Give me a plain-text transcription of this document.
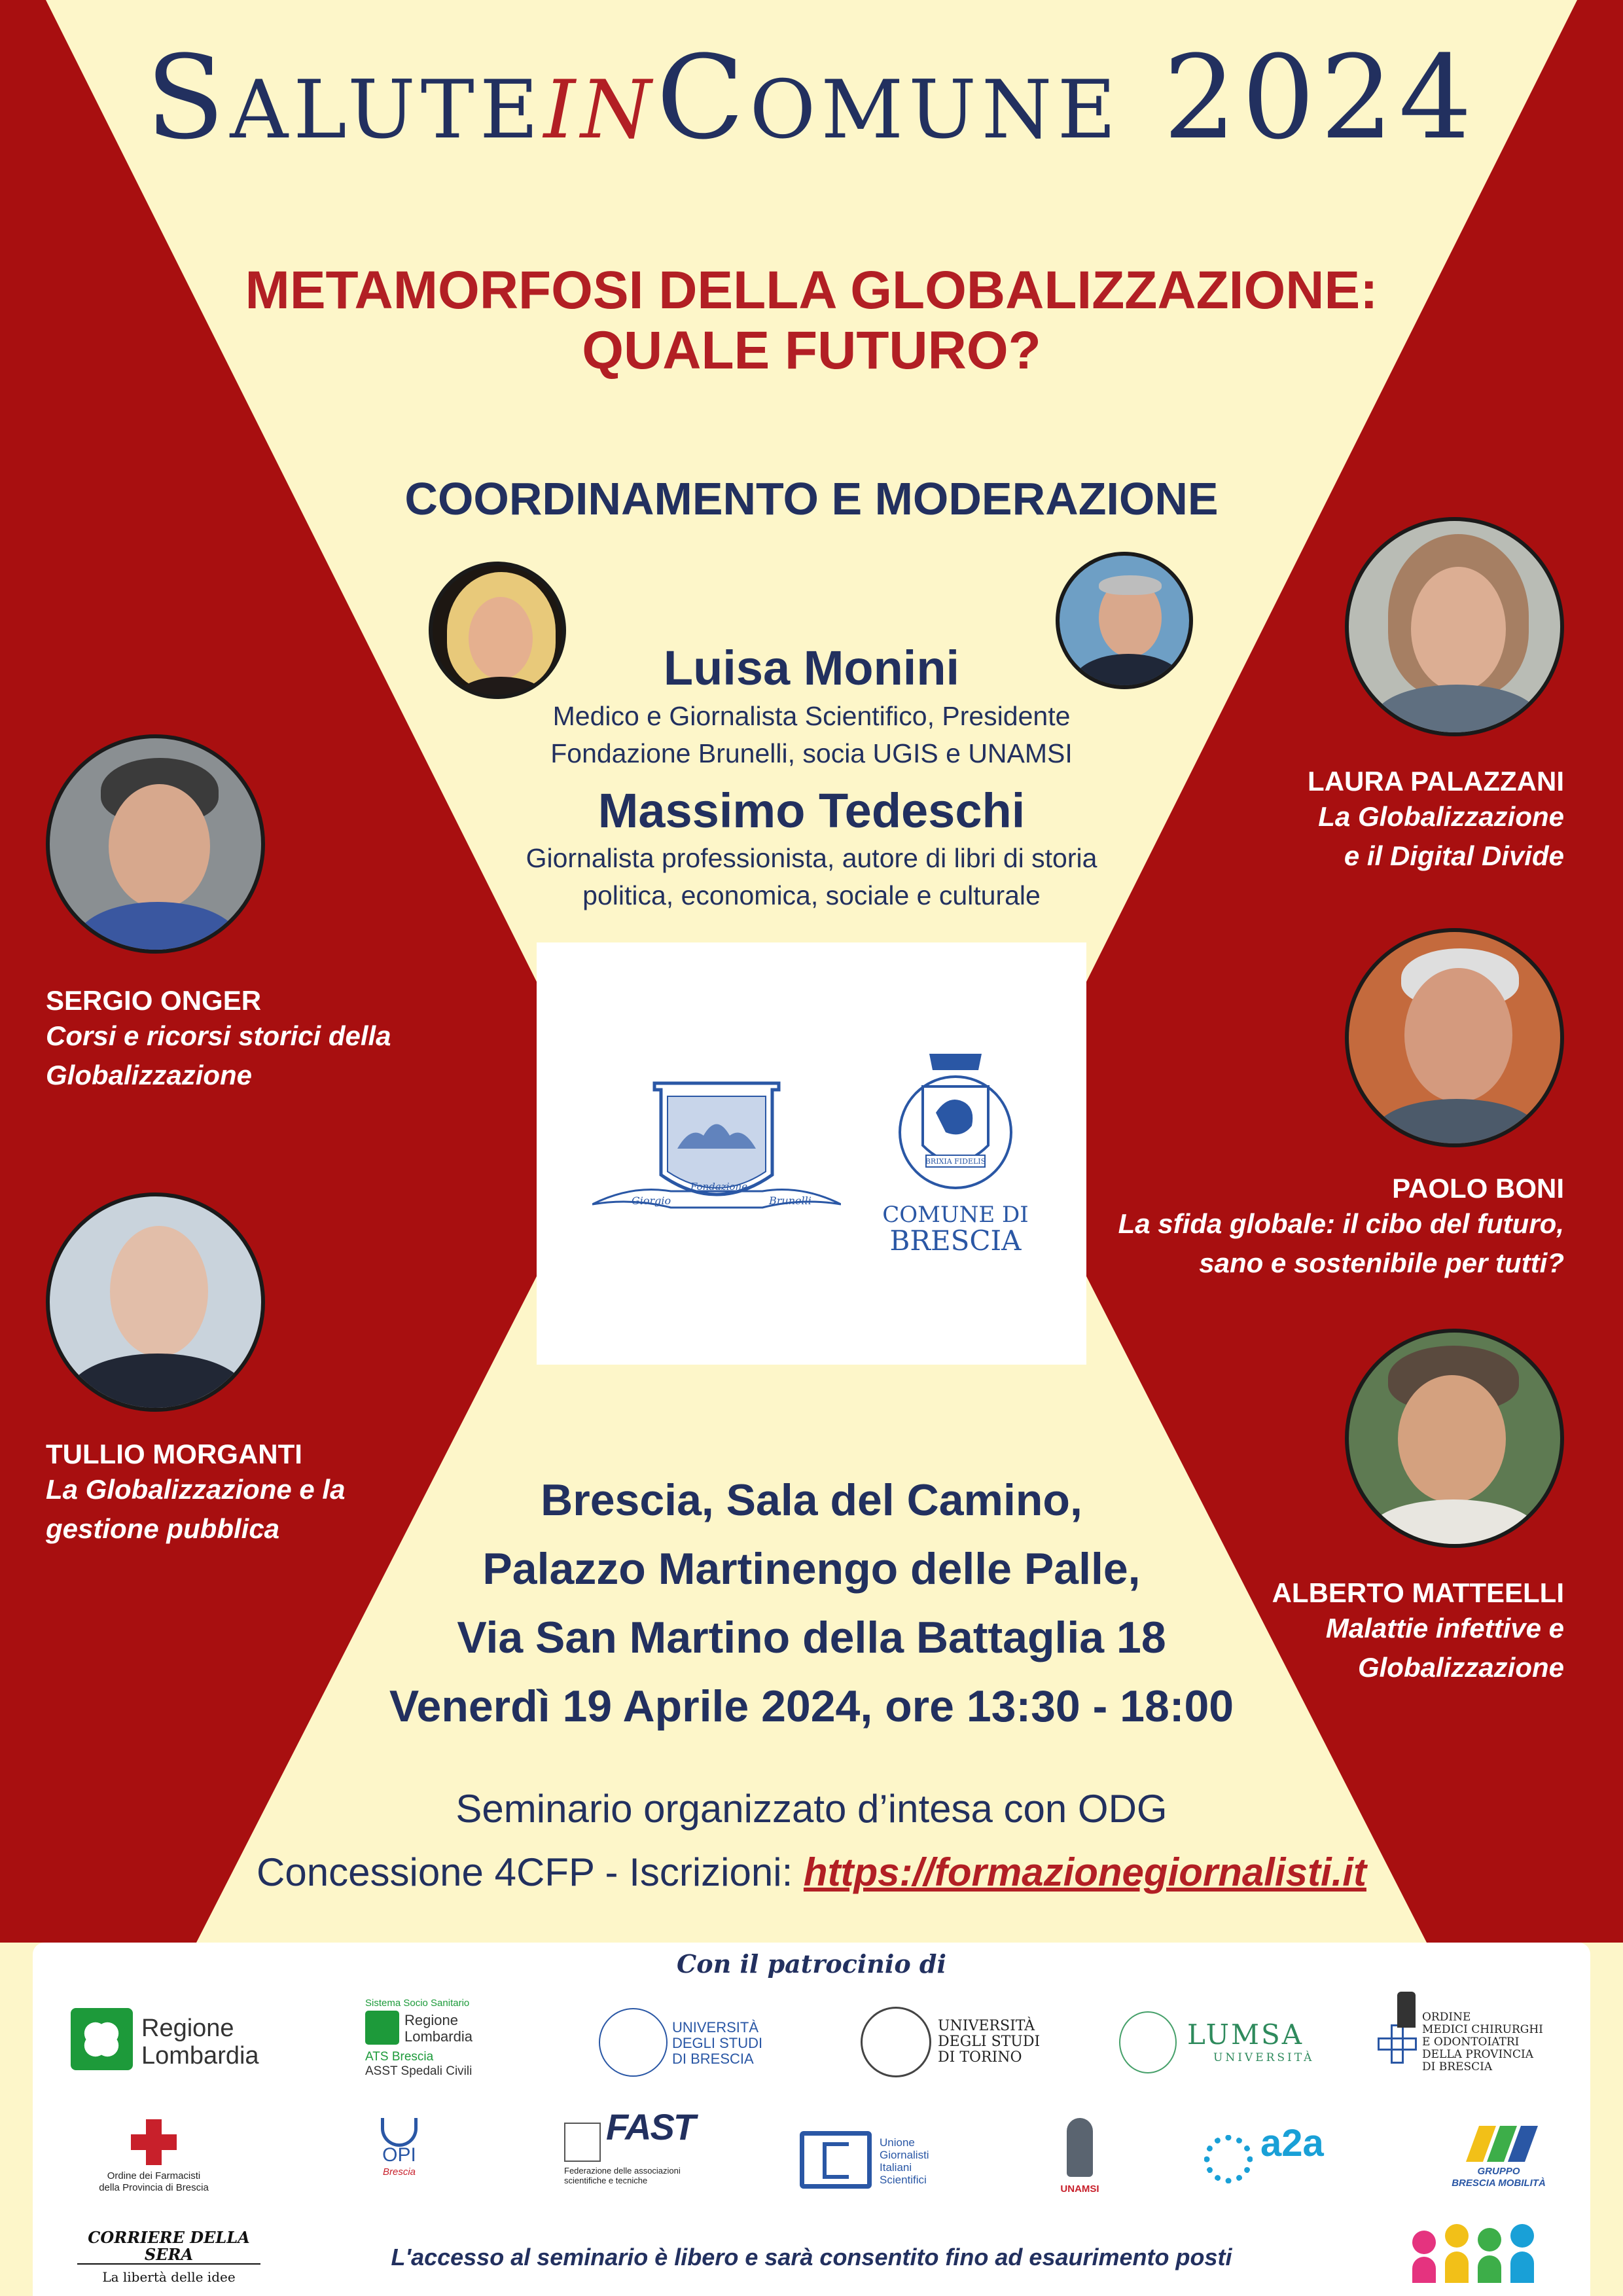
SaluteinComune 2024
METAMORFOSI DELLA GLOBALIZZAZIONE:
QUALE FUTURO?
COORDINAMENTO E MODERAZIONE
Luisa Monini
Medico e Giornalista Scientifico, Presidente
Fondazione Brunelli, socia UGIS e UNAMSI
Massimo Tedeschi
Giornalista professionista, autore di libri di storia
politica, economica, sociale e culturale
SERGIO ONGER
Corsi e ricorsi storici della
Globalizzazione
TULLIO MORGANTI
La Globalizzazione e la
gestione pubblica
LAURA PALAZZANI
La Globalizzazione
e il Digital Divide
PAOLO BONI
La sfida globale: il cibo del futuro,
sano e sostenibile per tutti?
ALBERTO MATTEELLI
Malattie infettive e
Globalizzazione
Giorgio	Brunelli
Fondazione
BRIXIA FIDELIS
COMUNE DI
BRESCIA
Brescia, Sala del Camino,
Palazzo Martinengo delle Palle,
Via San Martino della Battaglia 18
Venerdì 19 Aprile 2024, ore 13:30 - 18:00
Seminario organizzato d’intesa con ODG
Concessione 4CFP - Iscrizioni: https://formazionegiornalisti.it
Con il patrocinio di
Regione
Lombardia
Sistema Socio Sanitario
Regione
Lombardia
ATS Brescia
ASST Spedali Civili
UNIVERSITÀ
DEGLI STUDI
DI BRESCIA
UNIVERSITÀ
DEGLI STUDI
DI TORINO
LUMSA
UNIVERSITÀ
ORDINE
MEDICI CHIRURGHI
E ODONTOIATRI
DELLA PROVINCIA
DI BRESCIA
Ordine dei Farmacisti
della Provincia di Brescia
OPI
Brescia
FAST
Federazione delle associazioni
scientifiche e tecniche
Unione
Giornalisti
Italiani
Scientifici
UNAMSI
a2a
GRUPPO
BRESCIA MOBILITÀ
CORRIERE DELLA SERA
La libertà delle idee
L'accesso al seminario è libero e sarà consentito fino ad esaurimento posti
